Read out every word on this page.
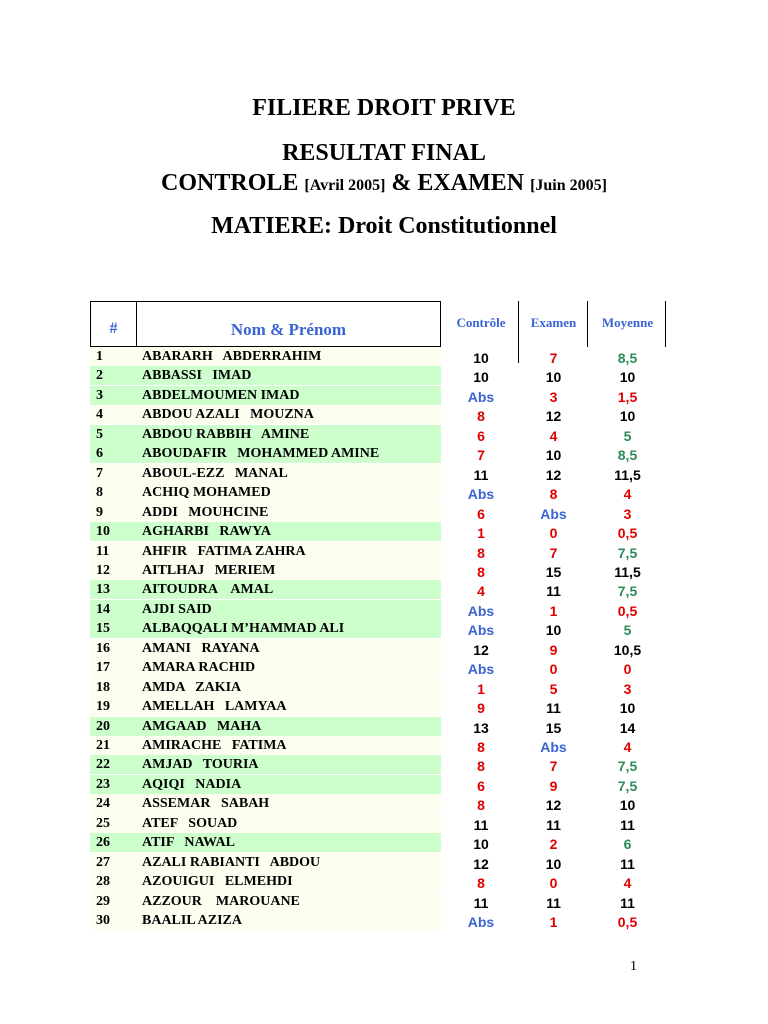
FILIERE DROIT PRIVE
RESULTAT FINAL
CONTROLE [Avril 2005] & EXAMEN [Juin 2005]
MATIERE: Droit Constitutionnel
#	Nom & Prénom	Contrôle	Examen	Moyenne
1	ABARARH   ABDERRAHIM	10	7	8,5
2	ABBASSI   IMAD	10	10	10
3	ABDELMOUMEN IMAD	Abs	3	1,5
4	ABDOU AZALI   MOUZNA	8	12	10
5	ABDOU RABBIH   AMINE	6	4	5
6	ABOUDAFIR   MOHAMMED AMINE	7	10	8,5
7	ABOUL-EZZ   MANAL	11	12	11,5
8	ACHIQ MOHAMED	Abs	8	4
9	ADDI   MOUHCINE	6	Abs	3
10	AGHARBI   RAWYA	1	0	0,5
11	AHFIR   FATIMA ZAHRA	8	7	7,5
12	AITLHAJ   MERIEM	8	15	11,5
13	AITOUDRA    AMAL	4	11	7,5
14	AJDI SAID	Abs	1	0,5
15	ALBAQQALI M’HAMMAD ALI	Abs	10	5
16	AMANI   RAYANA	12	9	10,5
17	AMARA RACHID	Abs	0	0
18	AMDA   ZAKIA	1	5	3
19	AMELLAH   LAMYAA	9	11	10
20	AMGAAD   MAHA	13	15	14
21	AMIRACHE   FATIMA	8	Abs	4
22	AMJAD   TOURIA	8	7	7,5
23	AQIQI   NADIA	6	9	7,5
24	ASSEMAR   SABAH	8	12	10
25	ATEF   SOUAD	11	11	11
26	ATIF   NAWAL	10	2	6
27	AZALI RABIANTI   ABDOU	12	10	11
28	AZOUIGUI   ELMEHDI	8	0	4
29	AZZOUR    MAROUANE	11	11	11
30	BAALIL AZIZA	Abs	1	0,5
1
